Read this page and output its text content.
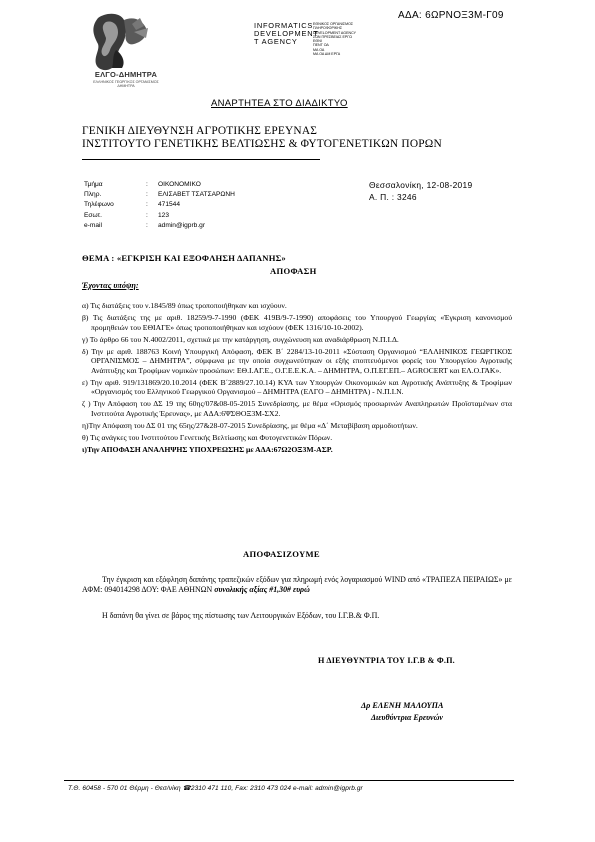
ΕΛΓΟ-ΔΗΜΗΤΡΑ
ΕΛΛΗΝΙΚΟΣ ΓΕΩΡΓΙΚΟΣ ΟΡΓΑΝΙΣΜΟΣ
ΔΗΜΗΤΡΑ
INFORMATICS
DEVELOPMENT
T AGENCY
ΕΘΝΙΚΟΣ ΟΡΓΑΝΙΣΜΟΣ
ΠΛΗΡΟΦΟΡΙΚΗΣ
DEVELOPMENT AGENCY
ΣΩΝ ΠΡΕΣΒΕΙΑΣ ΕΡΓΩ
ΕΘΝΙ
ΠΕΝΤ ΟΔ
ΜΑ ΟΑ
ΜΑ ΟΑ ΔΜ ΕΡΓΑ
ΑΔΑ: 6ΩΡΝΟΞ3Μ-Γ09
ΑΝΑΡΤΗΤΕΑ ΣΤΟ ΔΙΑΔΙΚΤΥΟ
ΓΕΝΙΚΗ ΔΙΕΥΘΥΝΣΗ ΑΓΡΟΤΙΚΗΣ ΕΡΕΥΝΑΣ
ΙΝΣΤΙΤΟΥΤΟ ΓΕΝΕΤΙΚΗΣ ΒΕΛΤΙΩΣΗΣ & ΦΥΤΟΓΕΝΕΤΙΚΩΝ ΠΟΡΩΝ
Τμήμα	:	ΟΙΚΟΝΟΜΙΚΟ
Πληρ.	:	ΕΛΙΣΑΒΕΤ ΤΣΑΤΣΑΡΩΝΗ
Τηλέφωνο	:	471544
Εσωτ.	:	123
e-mail	:	admin@igprb.gr
Θεσσαλονίκη, 12-08-2019
Α. Π. : 3246
ΘΕΜΑ : «ΕΓΚΡΙΣΗ ΚΑΙ ΕΞΟΦΛΗΣΗ ΔΑΠΑΝΗΣ»
ΑΠΟΦΑΣΗ
Έχοντας υπόψη:

α) Τις διατάξεις του ν.1845/89 όπως τροποποιήθηκαν και ισχύουν.

β) Τις διατάξεις της με αριθ. 18259/9-7-1990 (ΦΕΚ 419Β/9-7-1990) αποφάσεις του Υπουργού Γεωργίας «Έγκριση κανονισμού προμηθειών του ΕΘΙΑΓΕ» όπως τροποποιήθηκαν και ισχύουν (ΦΕΚ 1316/10-10-2002).

γ) Το άρθρο 66 του Ν.4002/2011, σχετικά με την κατάργηση, συγχώνευση και αναδιάρθρωση Ν.Π.Ι.Δ.

δ) Την με αριθ. 188763 Κοινή Υπουργική Απόφαση, ΦΕΚ Β΄ 2284/13-10-2011 «Σύσταση Οργανισμού “ΕΛΛΗΝΙΚΟΣ ΓΕΩΡΓΙΚΟΣ ΟΡΓΑΝΙΣΜΟΣ – ΔΗΜΗΤΡΑ”, σύμφωνα με την οποία συγχωνεύτηκαν οι εξής εποπτευόμενοι φορείς του Υπουργείου Αγροτικής Ανάπτυξης και Τροφίμων νομικών προσώπων: ΕΘ.Ι.ΑΓ.Ε., Ο.Γ.Ε.Ε.Κ.Α. – ΔΗΜΗΤΡΑ, Ο.Π.ΕΓ.ΕΠ.– AGROCERT και ΕΛ.Ο.ΓΑΚ».

ε) Την αριθ. 919/131869/20.10.2014 (ΦΕΚ Β΄2889/27.10.14) ΚΥΑ των Υπουργών Οικονομικών και Αγροτικής Ανάπτυξης & Τροφίμων «Οργανισμός του Ελληνικού Γεωργικού Οργανισμού – ΔΗΜΗΤΡΑ (ΕΛΓΟ – ΔΗΜΗΤΡΑ) - Ν.Π.Ι.Ν.

ζ ) Την Απόφαση του ΔΣ 19 της 60ης/07&08-05-2015 Συνεδρίασης, με θέμα «Ορισμός προσωρινών Αναπληρωτών Προϊσταμένων στα Ινστιτούτα Αγροτικής Έρευνας», με ΑΔΑ:6ΨΣΘΟΞ3Μ-ΣΧ2.

η)Την Απόφαση του ΔΣ 01 της 65ης/27&28-07-2015 Συνεδρίασης, με θέμα «Δ΄ Μεταβίβαση αρμοδιοτήτων.

θ) Τις ανάγκες του Ινστιτούτου Γενετικής Βελτίωσης και Φυτογενετικών Πόρων.

ι)Την ΑΠΟΦΑΣΗ ΑΝΑΛΗΨΗΣ ΥΠΟΧΡΕΩΣΗΣ με ΑΔΑ:67Ω2ΟΞ3Μ-ΑΣΡ.

ΑΠΟΦΑΣΙΖΟΥΜΕ
Την έγκριση και εξόφληση δαπάνης τραπεζικών εξόδων για πληρωμή ενός λογαριασμού WIND από «ΤΡΑΠΕΖΑ ΠΕΙΡΑΙΩΣ» με ΑΦΜ: 094014298 ΔΟΥ: ΦΑΕ ΑΘΗΝΩΝ συνολικής αξίας #1,30# ευρώ
Η δαπάνη θα γίνει σε βάρος της πίστωσης των Λειτουργικών Εξόδων, του Ι.Γ.Β.& Φ.Π.
Η ΔΙΕΥΘΥΝΤΡΙΑ ΤΟΥ Ι.Γ.Β & Φ.Π.
Δρ ΕΛΕΝΗ ΜΑΛΟΥΠΑ
Διευθύντρια Ερευνών
Τ.Θ. 60458 - 570 01 Θέρμη - Θεσ/νίκη ☎2310 471 110, Fax: 2310 473 024 e-mail: admin@igprb.gr
